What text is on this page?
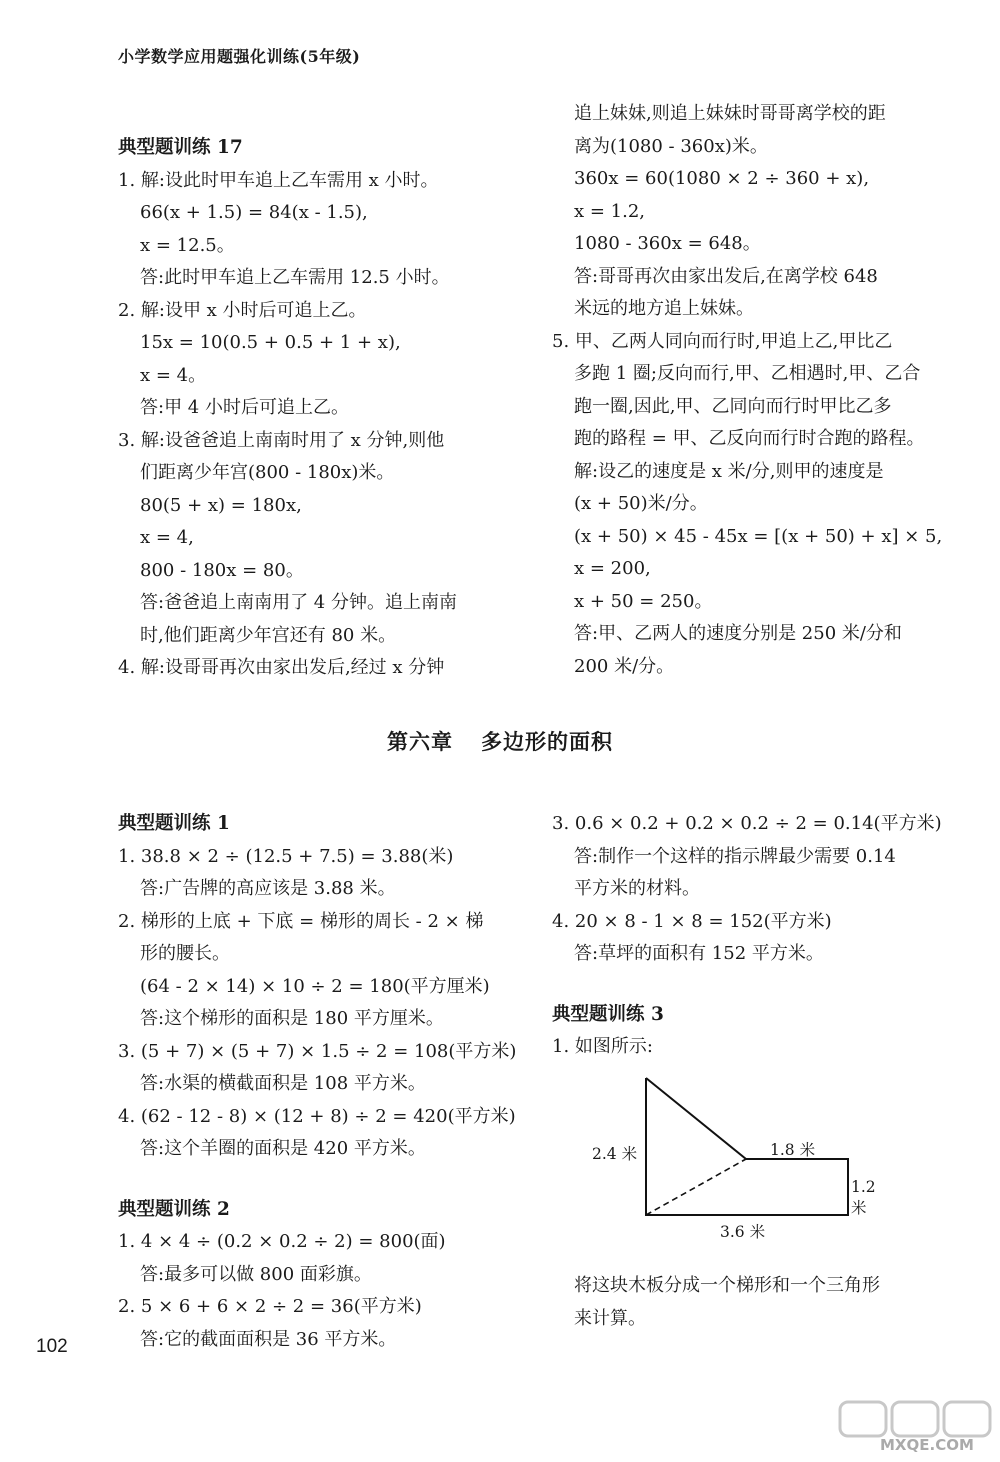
小学数学应用题强化训练(5年级)
典型题训练 17
1. 解:设此时甲车追上乙车需用 x 小时。
66(x + 1.5) = 84(x - 1.5),
x = 12.5。
答:此时甲车追上乙车需用 12.5 小时。
2. 解:设甲 x 小时后可追上乙。
15x = 10(0.5 + 0.5 + 1 + x),
x = 4。
答:甲 4 小时后可追上乙。
3. 解:设爸爸追上南南时用了 x 分钟,则他
们距离少年宫(800 - 180x)米。
80(5 + x) = 180x,
x = 4,
800 - 180x = 80。
答:爸爸追上南南用了 4 分钟。追上南南
时,他们距离少年宫还有 80 米。
4. 解:设哥哥再次由家出发后,经过 x 分钟
追上妹妹,则追上妹妹时哥哥离学校的距
离为(1080 - 360x)米。
360x = 60(1080 × 2 ÷ 360 + x),
x = 1.2,
1080 - 360x = 648。
答:哥哥再次由家出发后,在离学校 648
米远的地方追上妹妹。
5. 甲、乙两人同向而行时,甲追上乙,甲比乙
多跑 1 圈;反向而行,甲、乙相遇时,甲、乙合
跑一圈,因此,甲、乙同向而行时甲比乙多
跑的路程 = 甲、乙反向而行时合跑的路程。
解:设乙的速度是 x 米/分,则甲的速度是
(x + 50)米/分。
(x + 50) × 45 - 45x = [(x + 50) + x] × 5,
x = 200,
x + 50 = 250。
答:甲、乙两人的速度分别是 250 米/分和
200 米/分。
第六章 多边形的面积
典型题训练 1
1. 38.8 × 2 ÷ (12.5 + 7.5) = 3.88(米)
答:广告牌的高应该是 3.88 米。
2. 梯形的上底 + 下底 = 梯形的周长 - 2 × 梯
形的腰长。
(64 - 2 × 14) × 10 ÷ 2 = 180(平方厘米)
答:这个梯形的面积是 180 平方厘米。
3. (5 + 7) × (5 + 7) × 1.5 ÷ 2 = 108(平方米)
答:水渠的横截面积是 108 平方米。
4. (62 - 12 - 8) × (12 + 8) ÷ 2 = 420(平方米)
答:这个羊圈的面积是 420 平方米。
典型题训练 2
1. 4 × 4 ÷ (0.2 × 0.2 ÷ 2) = 800(面)
答:最多可以做 800 面彩旗。
2. 5 × 6 + 6 × 2 ÷ 2 = 36(平方米)
答:它的截面面积是 36 平方米。
3. 0.6 × 0.2 + 0.2 × 0.2 ÷ 2 = 0.14(平方米)
答:制作一个这样的指示牌最少需要 0.14
平方米的材料。
4. 20 × 8 - 1 × 8 = 152(平方米)
答:草坪的面积有 152 平方米。
典型题训练 3
1. 如图所示:
2.4 米	1.8 米
1.2 米
3.6 米
将这块木板分成一个梯形和一个三角形
来计算。
102
MXQE.COM
